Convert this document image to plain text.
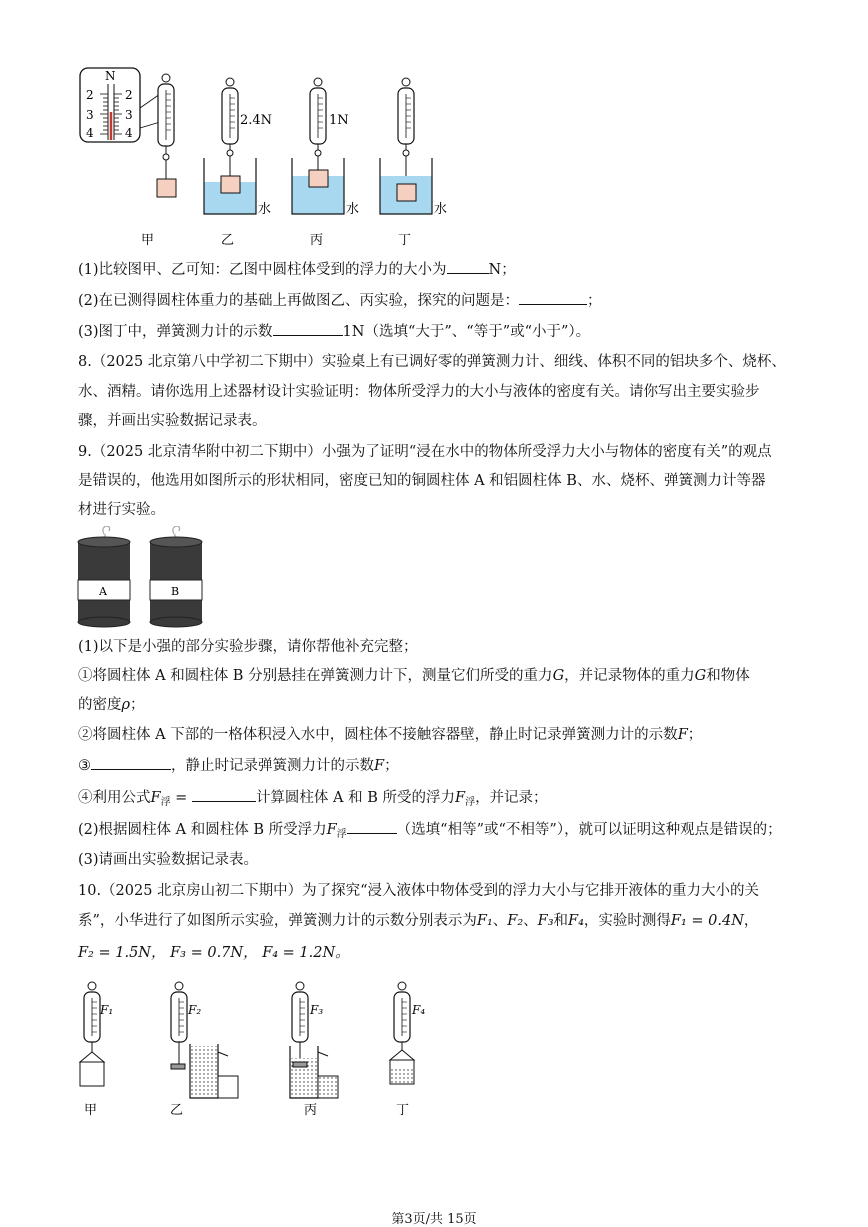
N
2
3
4
2
3
4
2.4N
水
1N
水	水
甲	乙	丙	丁
(1)比较图甲、乙可知：乙图中圆柱体受到的浮力的大小为	N；
(2)在已测得圆柱体重力的基础上再做图乙、丙实验，探究的问题是：	；
(3)图丁中，弹簧测力计的示数	1N（选填“大于”、“等于”或“小于”）。
8.（2025 北京第八中学初二下期中）实验桌上有已调好零的弹簧测力计、细线、体积不同的铝块多个、烧杯、
水、酒精。请你选用上述器材设计实验证明：物体所受浮力的大小与液体的密度有关。请你写出主要实验步
骤，并画出实验数据记录表。
9.（2025 北京清华附中初二下期中）小强为了证明“浸在水中的物体所受浮力大小与物体的密度有关”的观点
是错误的，他选用如图所示的形状相同，密度已知的铜圆柱体 A 和铝圆柱体 B、水、烧杯、弹簧测力计等器
材进行实验。
A	B
(1)以下是小强的部分实验步骤，请你帮他补充完整；
①将圆柱体 A 和圆柱体 B 分别悬挂在弹簧测力计下，测量它们所受的重力G，并记录物体的重力G和物体
的密度ρ；
②将圆柱体 A 下部的一格体积浸入水中，圆柱体不接触容器壁，静止时记录弹簧测力计的示数F；
③	，静止时记录弹簧测力计的示数F；
④利用公式$F_浮$ =	计算圆柱体 A 和 B 所受的浮力$F_浮$，并记录；
(2)根据圆柱体 A 和圆柱体 B 所受浮力$F_浮$	（选填“相等”或“不相等”），就可以证明这种观点是错误的；
(3)请画出实验数据记录表。
10.（2025 北京房山初二下期中）为了探究“浸入液体中物体受到的浮力大小与它排开液体的重力大小的关
系”，小华进行了如图所示实验，弹簧测力计的示数分别表示为F₁、F₂、F₃和F₄，实验时测得F₁ = 0.4N，
F₂ = 1.5N， F₃ = 0.7N， F₄ = 1.2N。
F₁
甲
F₂
乙
F₃
丙
F₄
丁
第3页/共 15页
